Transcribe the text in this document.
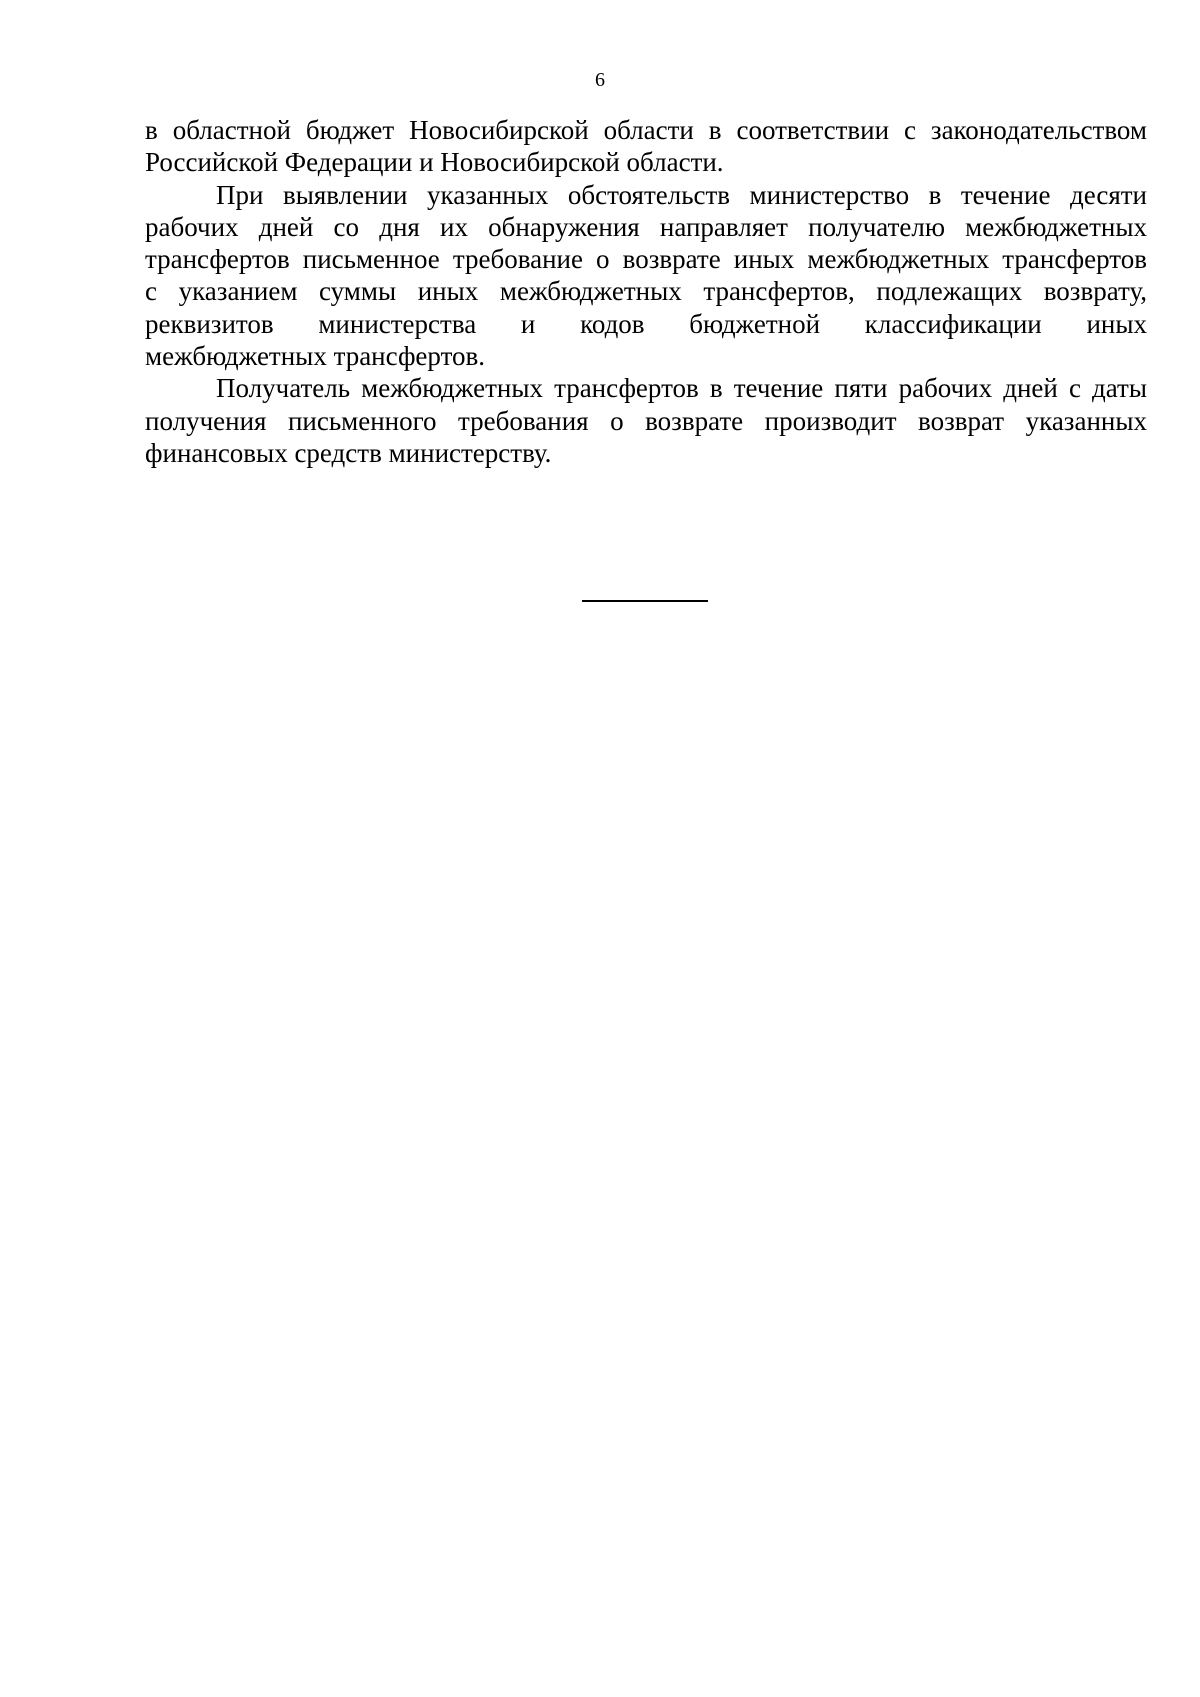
6

в областной бюджет Новосибирской области в соответствии с законодательством
Российской Федерации и Новосибирской области.

При выявлении указанных обстоятельств министерство в течение десяти
рабочих дней со дня их обнаружения направляет получателю межбюджетных
трансфертов письменное требование о возврате иных межбюджетных трансфертов
с указанием суммы иных межбюджетных трансфертов, подлежащих возврату,
реквизитов министерства и кодов бюджетной классификации иных
межбюджетных трансфертов.

Получатель межбюджетных трансфертов в течение пяти рабочих дней с даты
получения письменного требования о возврате производит возврат указанных
финансовых средств министерству.
